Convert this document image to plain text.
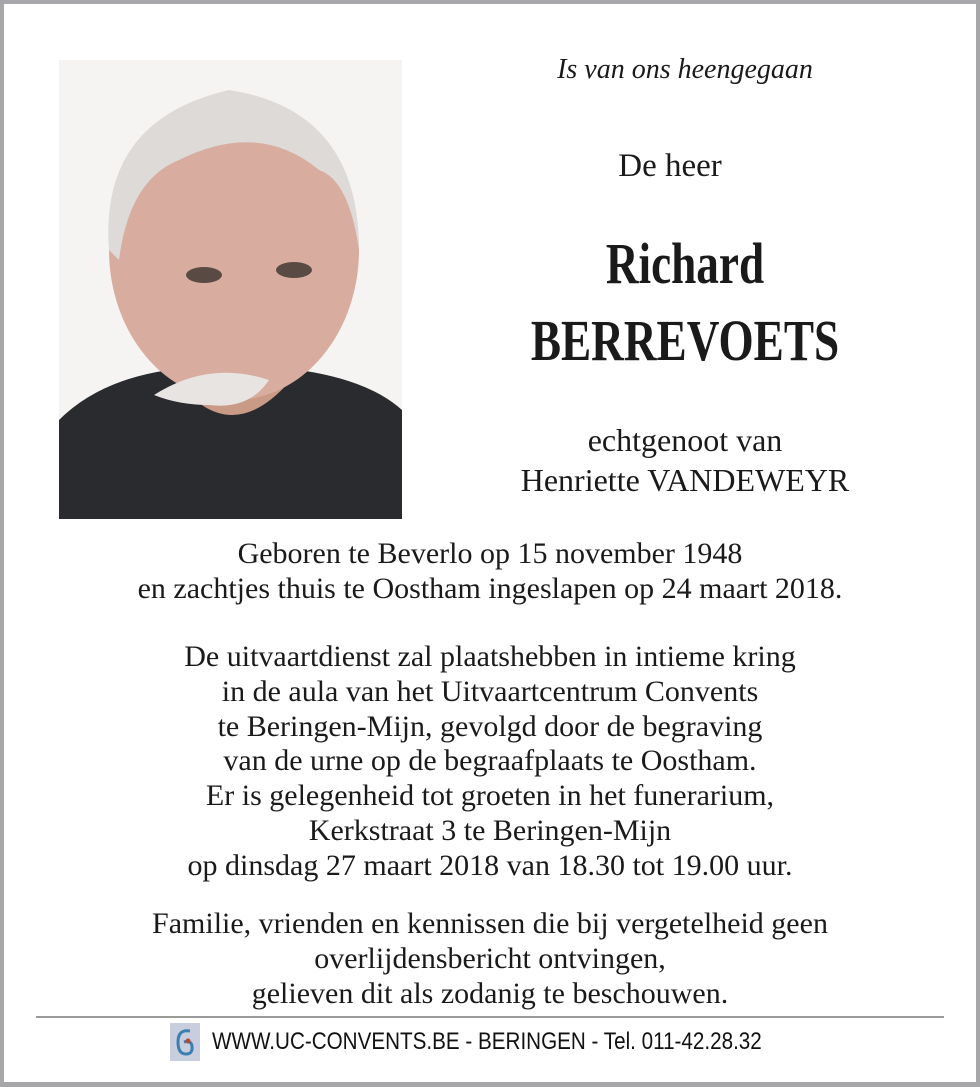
Is van ons heengegaan
De heer
Richard
BERREVOETS
echtgenoot van
Henriette VANDEWEYR
Geboren te Beverlo op 15 november 1948
en zachtjes thuis te Oostham ingeslapen op 24 maart 2018.
De uitvaartdienst zal plaatshebben in intieme kring
in de aula van het Uitvaartcentrum Convents
te Beringen-Mijn, gevolgd door de begraving
van de urne op de begraafplaats te Oostham.
Er is gelegenheid tot groeten in het funerarium,
Kerkstraat 3 te Beringen-Mijn
op dinsdag 27 maart 2018 van 18.30 tot 19.00 uur.
Familie, vrienden en kennissen die bij vergetelheid geen
overlijdensbericht ontvingen,
gelieven dit als zodanig te beschouwen.
WWW.UC-CONVENTS.BE - BERINGEN - Tel. 011-42.28.32
